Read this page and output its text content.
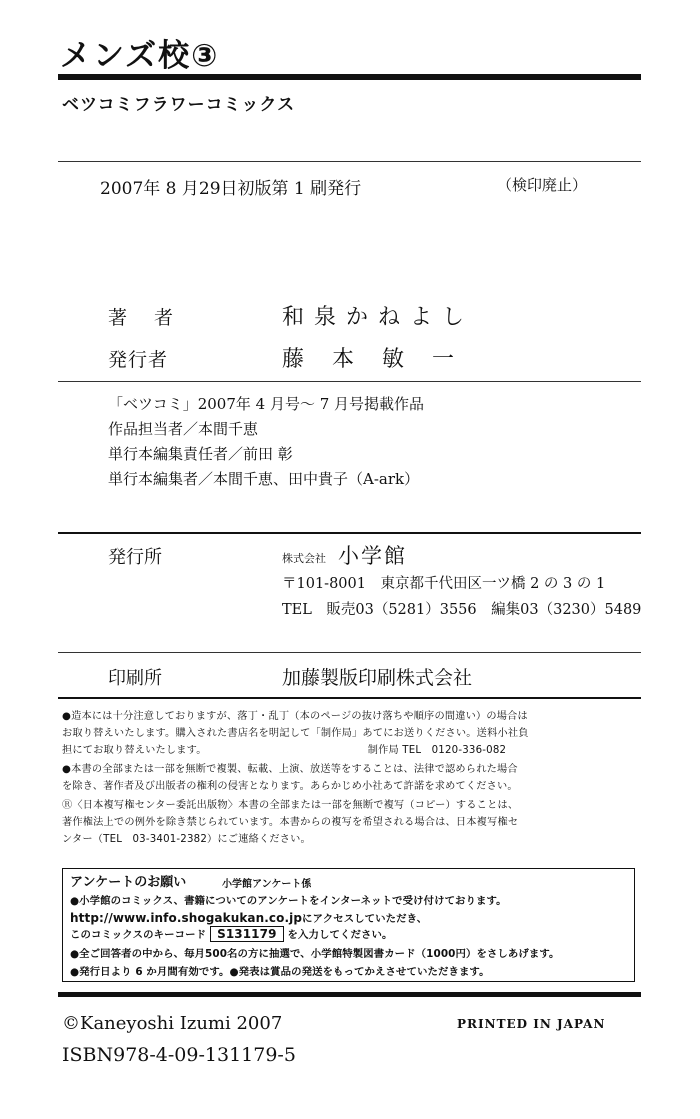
メンズ校③
ベツコミフラワーコミックス
2007年 8 月29日初版第 1 刷発行	（検印廃止）
著　者	和泉かねよし
発行者	藤　本　敏　一
「ベツコミ」2007年 4 月号～ 7 月号掲載作品
作品担当者／本間千恵
単行本編集責任者／前田 彰
単行本編集者／本間千恵、田中貴子（A-ark）
発行所	株式会社 小学館
〒101-8001　東京都千代田区一ツ橋 2 の 3 の 1
TEL　販売03（5281）3556　編集03（3230）5489
印刷所	加藤製版印刷株式会社
●造本には十分注意しておりますが、落丁・乱丁（本のページの抜け落ちや順序の間違い）の場合は
お取り替えいたします。購入された書店名を明記して「制作局」あてにお送りください。送料小社負
担にてお取り替えいたします。　　　　　　　　　　　　　　　　制作局 TEL　0120-336-082
●本書の全部または一部を無断で複製、転載、上演、放送等をすることは、法律で認められた場合
を除き、著作者及び出版者の権利の侵害となります。あらかじめ小社あて許諾を求めてください。
Ⓡ〈日本複写権センター委託出版物〉本書の全部または一部を無断で複写（コピー）することは、
著作権法上での例外を除き禁じられています。本書からの複写を希望される場合は、日本複写権セ
ンター（TEL　03-3401-2382）にご連絡ください。
アンケートのお願い	小学館アンケート係
●小学館のコミックス、書籍についてのアンケートをインターネットで受け付けております。
http://www.info.shogakukan.co.jpにアクセスしていただき、
このコミックスのキーコード S131179 を入力してください。
●全ご回答者の中から、毎月500名の方に抽選で、小学館特製図書カード（1000円）をさしあげます。
●発行日より 6 か月間有効です。●発表は賞品の発送をもってかえさせていただきます。
©Kaneyoshi Izumi 2007	PRINTED IN JAPAN
ISBN978-4-09-131179-5
